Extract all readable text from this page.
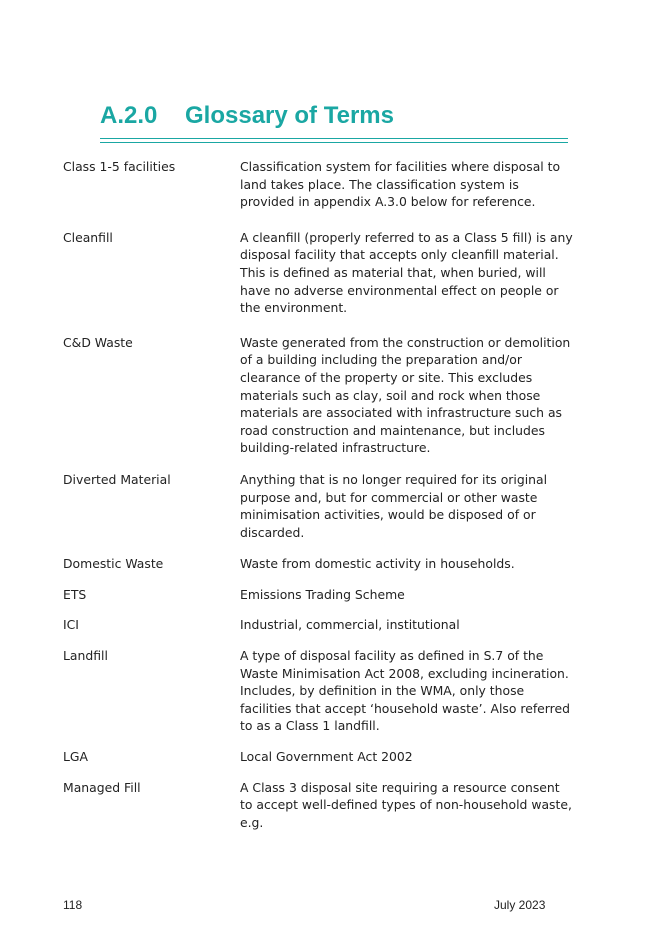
A.2.0 Glossary of Terms
Class 1-5 facilities	Classification system for facilities where disposal to land takes place. The classification system is provided in appendix A.3.0 below for reference.
Cleanfill	A cleanfill (properly referred to as a Class 5 fill) is any disposal facility that accepts only cleanfill material. This is defined as material that, when buried, will have no adverse environmental effect on people or the environment.
C&D Waste	Waste generated from the construction or demolition of a building including the preparation and/or clearance of the property or site. This excludes materials such as clay, soil and rock when those materials are associated with infrastructure such as road construction and maintenance, but includes building-related infrastructure.
Diverted Material	Anything that is no longer required for its original purpose and, but for commercial or other waste minimisation activities, would be disposed of or discarded.
Domestic Waste	Waste from domestic activity in households.
ETS	Emissions Trading Scheme
ICI	Industrial, commercial, institutional
Landfill	A type of disposal facility as defined in S.7 of the Waste Minimisation Act 2008, excluding incineration. Includes, by definition in the WMA, only those facilities that accept ‘household waste’. Also referred to as a Class 1 landfill.
LGA	Local Government Act 2002
Managed Fill	A Class 3 disposal site requiring a resource consent to accept well-defined types of non-household waste, e.g.
118	July 2023
